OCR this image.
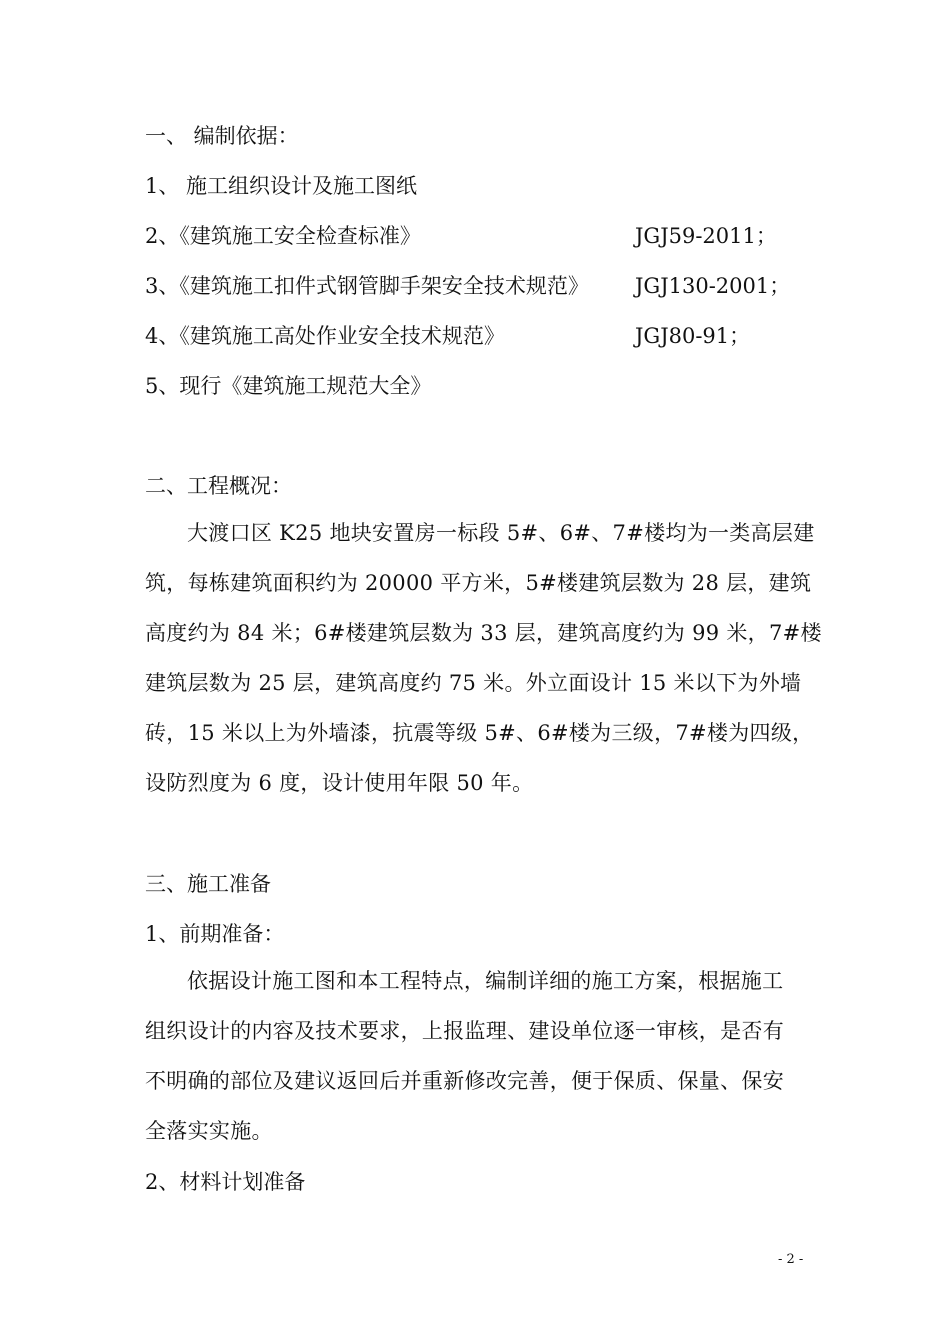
一、 编制依据：
1、 施工组织设计及施工图纸
2、《建筑施工安全检查标准》	JGJ59-2011；
3、《建筑施工扣件式钢管脚手架安全技术规范》 JGJ130-2001；
4、《建筑施工高处作业安全技术规范》	JGJ80-91；
5、现行《建筑施工规范大全》
二、工程概况：
大渡口区 K25 地块安置房一标段 5#、6#、7#楼均为一类高层建
筑，每栋建筑面积约为 20000 平方米，5#楼建筑层数为 28 层，建筑
高度约为 84 米；6#楼建筑层数为 33 层，建筑高度约为 99 米，7#楼
建筑层数为 25 层，建筑高度约 75 米。外立面设计 15 米以下为外墙
砖，15 米以上为外墙漆，抗震等级 5#、6#楼为三级，7#楼为四级，
设防烈度为 6 度，设计使用年限 50 年。
三、施工准备
1、前期准备：
依据设计施工图和本工程特点，编制详细的施工方案，根据施工
组织设计的内容及技术要求，上报监理、建设单位逐一审核，是否有
不明确的部位及建议返回后并重新修改完善，便于保质、保量、保安
全落实实施。
2、材料计划准备
- 2 -
